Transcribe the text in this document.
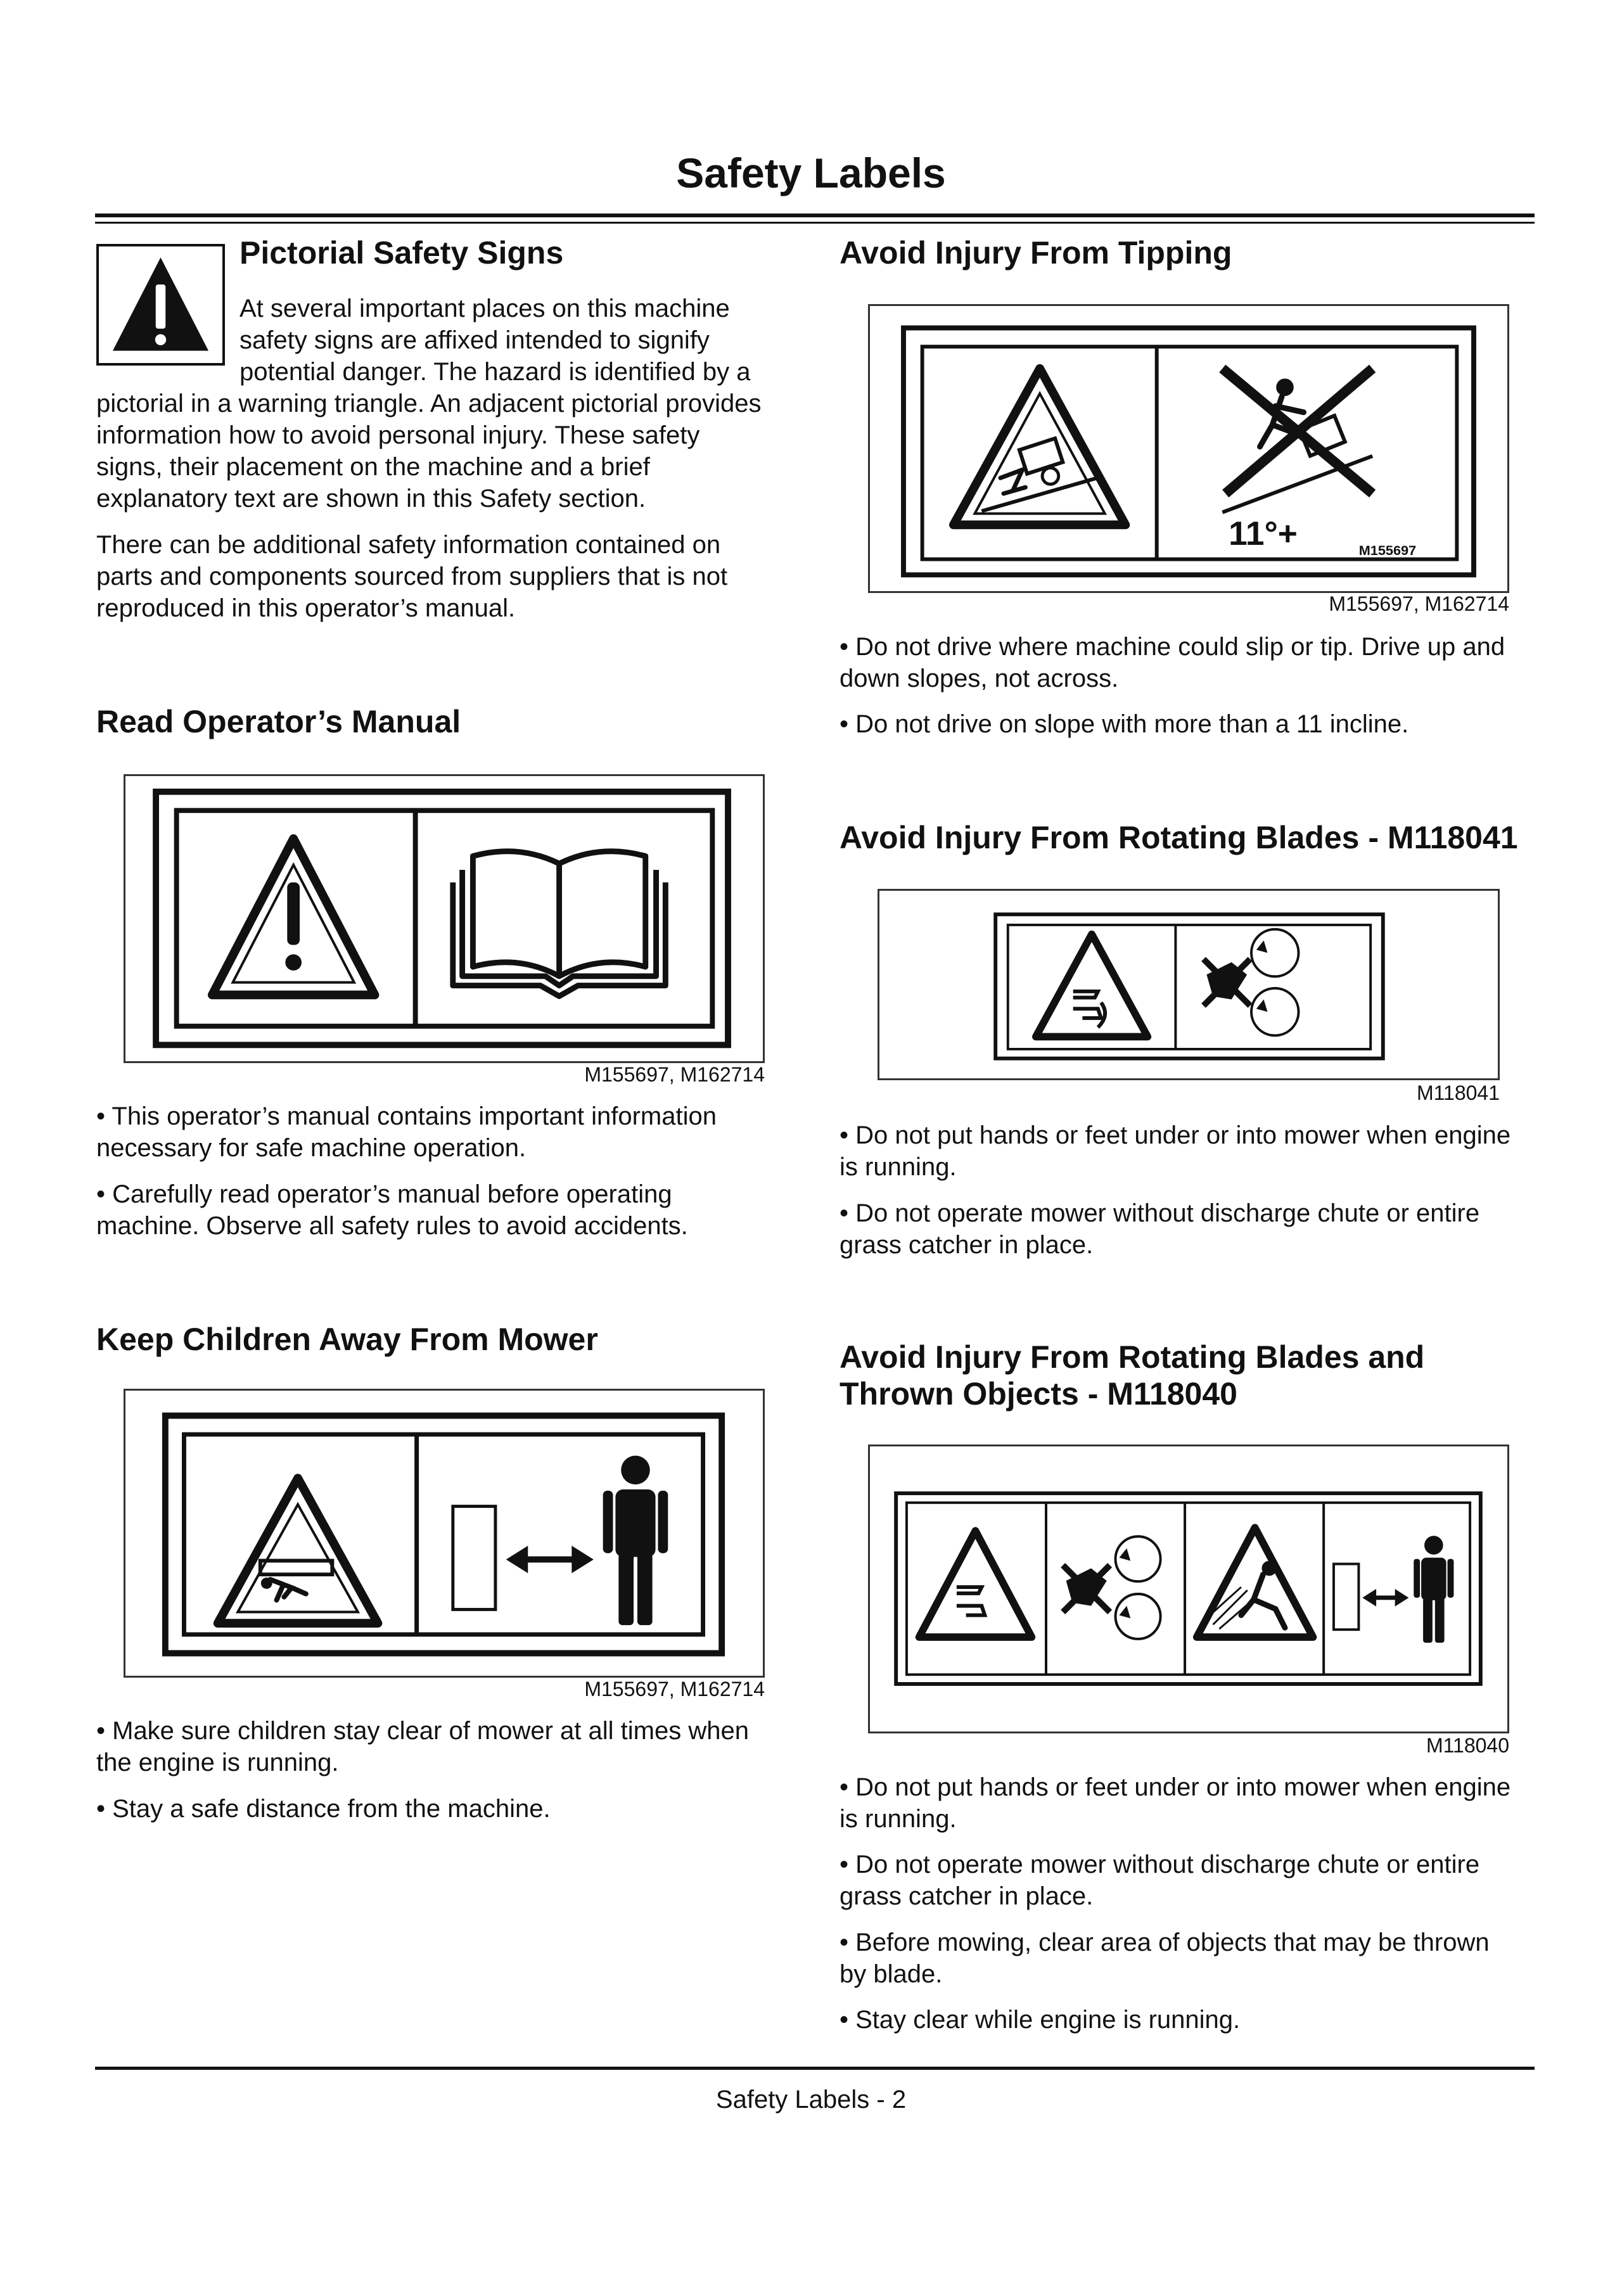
Safety Labels
Pictorial Safety Signs

At several important places on this machine

safety signs are affixed intended to signify

potential danger. The hazard is identified by a

pictorial in a warning triangle. An adjacent pictorial provides

information how to avoid personal injury. These safety

signs, their placement on the machine and a brief

explanatory text are shown in this Safety section.

There can be additional safety information contained on

parts and components sourced from suppliers that is not

reproduced in this operator’s manual.

Read Operator’s Manual
M155697, M162714

• This operator’s manual contains important information

necessary for safe machine operation.

• Carefully read operator’s manual before operating

machine. Observe all safety rules to avoid accidents.

Keep Children Away From Mower
M155697, M162714

• Make sure children stay clear of mower at all times when

the engine is running.

• Stay a safe distance from the machine.

Avoid Injury From Tipping
11°+	M155697
M155697, M162714

• Do not drive where machine could slip or tip. Drive up and

down slopes, not across.

• Do not drive on slope with more than a 11 incline.

Avoid Injury From Rotating Blades - M118041
M118041

• Do not put hands or feet under or into mower when engine

is running.

• Do not operate mower without discharge chute or entire

grass catcher in place.

Avoid Injury From Rotating Blades and
Thrown Objects - M118040
M118040

• Do not put hands or feet under or into mower when engine

is running.

• Do not operate mower without discharge chute or entire

grass catcher in place.

• Before mowing, clear area of objects that may be thrown

by blade.

• Stay clear while engine is running.

Safety Labels - 2
